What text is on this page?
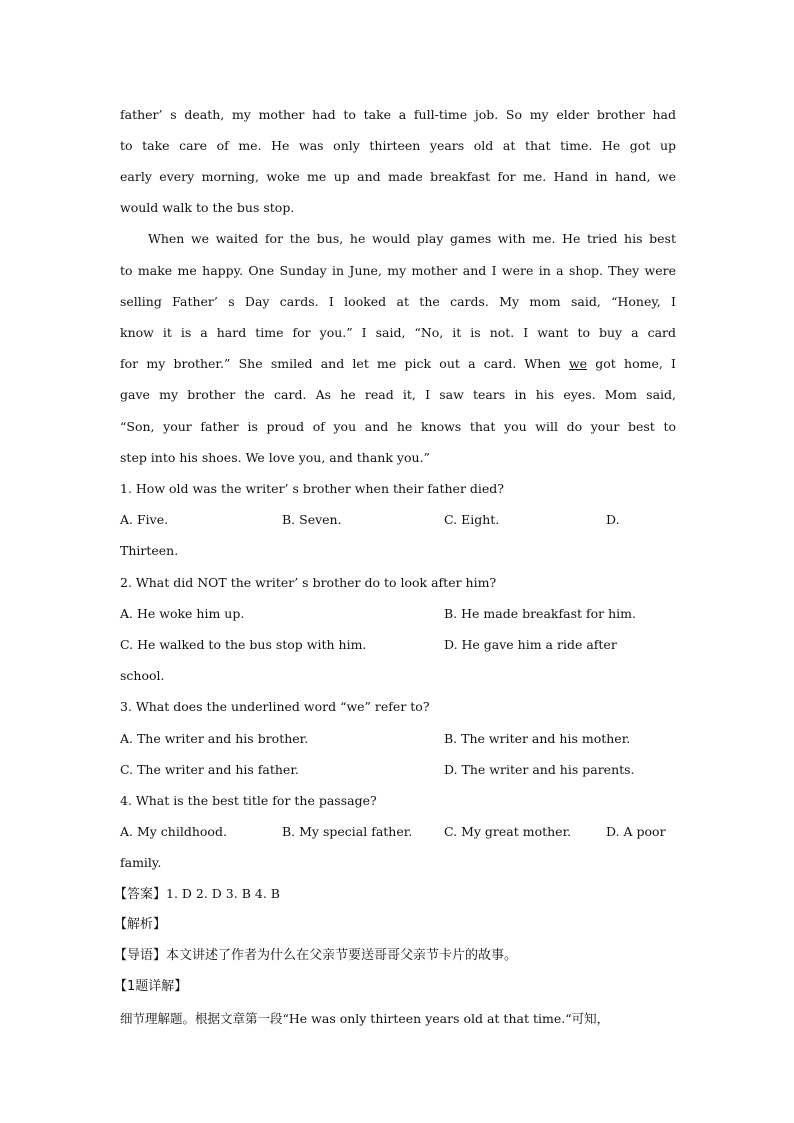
father’ s death, my mother had to take a full-time job. So my elder brother had
to take care of me. He was only thirteen years old at that time. He got up
early every morning, woke me up and made breakfast for me. Hand in hand, we
would walk to the bus stop.
When we waited for the bus, he would play games with me. He tried his best
to make me happy. One Sunday in June, my mother and I were in a shop. They were
selling Father’ s Day cards. I looked at the cards. My mom said, “Honey, I
know it is a hard time for you.” I said, “No, it is not. I want to buy a card
for my brother.” She smiled and let me pick out a card. When we got home, I
gave my brother the card. As he read it, I saw tears in his eyes. Mom said,
“Son, your father is proud of you and he knows that you will do your best to
step into his shoes. We love you, and thank you.”
1. How old was the writer’ s brother when their father died?
A. Five.	B. Seven.	C. Eight.	D.
Thirteen.
2. What did NOT the writer’ s brother do to look after him?
A. He woke him up.	B. He made breakfast for him.
C. He walked to the bus stop with him.	D. He gave him a ride after
school.
3. What does the underlined word “we” refer to?
A. The writer and his brother.	B. The writer and his mother.
C. The writer and his father.	D. The writer and his parents.
4. What is the best title for the passage?
A. My childhood.	B. My special father.	C. My great mother.	D. A poor
family.
【答案】1. D 2. D 3. B 4. B
【解析】
【导语】本文讲述了作者为什么在父亲节要送哥哥父亲节卡片的故事。
【1题详解】
细节理解题。根据文章第一段“He was only thirteen years old at that time.“可知，
